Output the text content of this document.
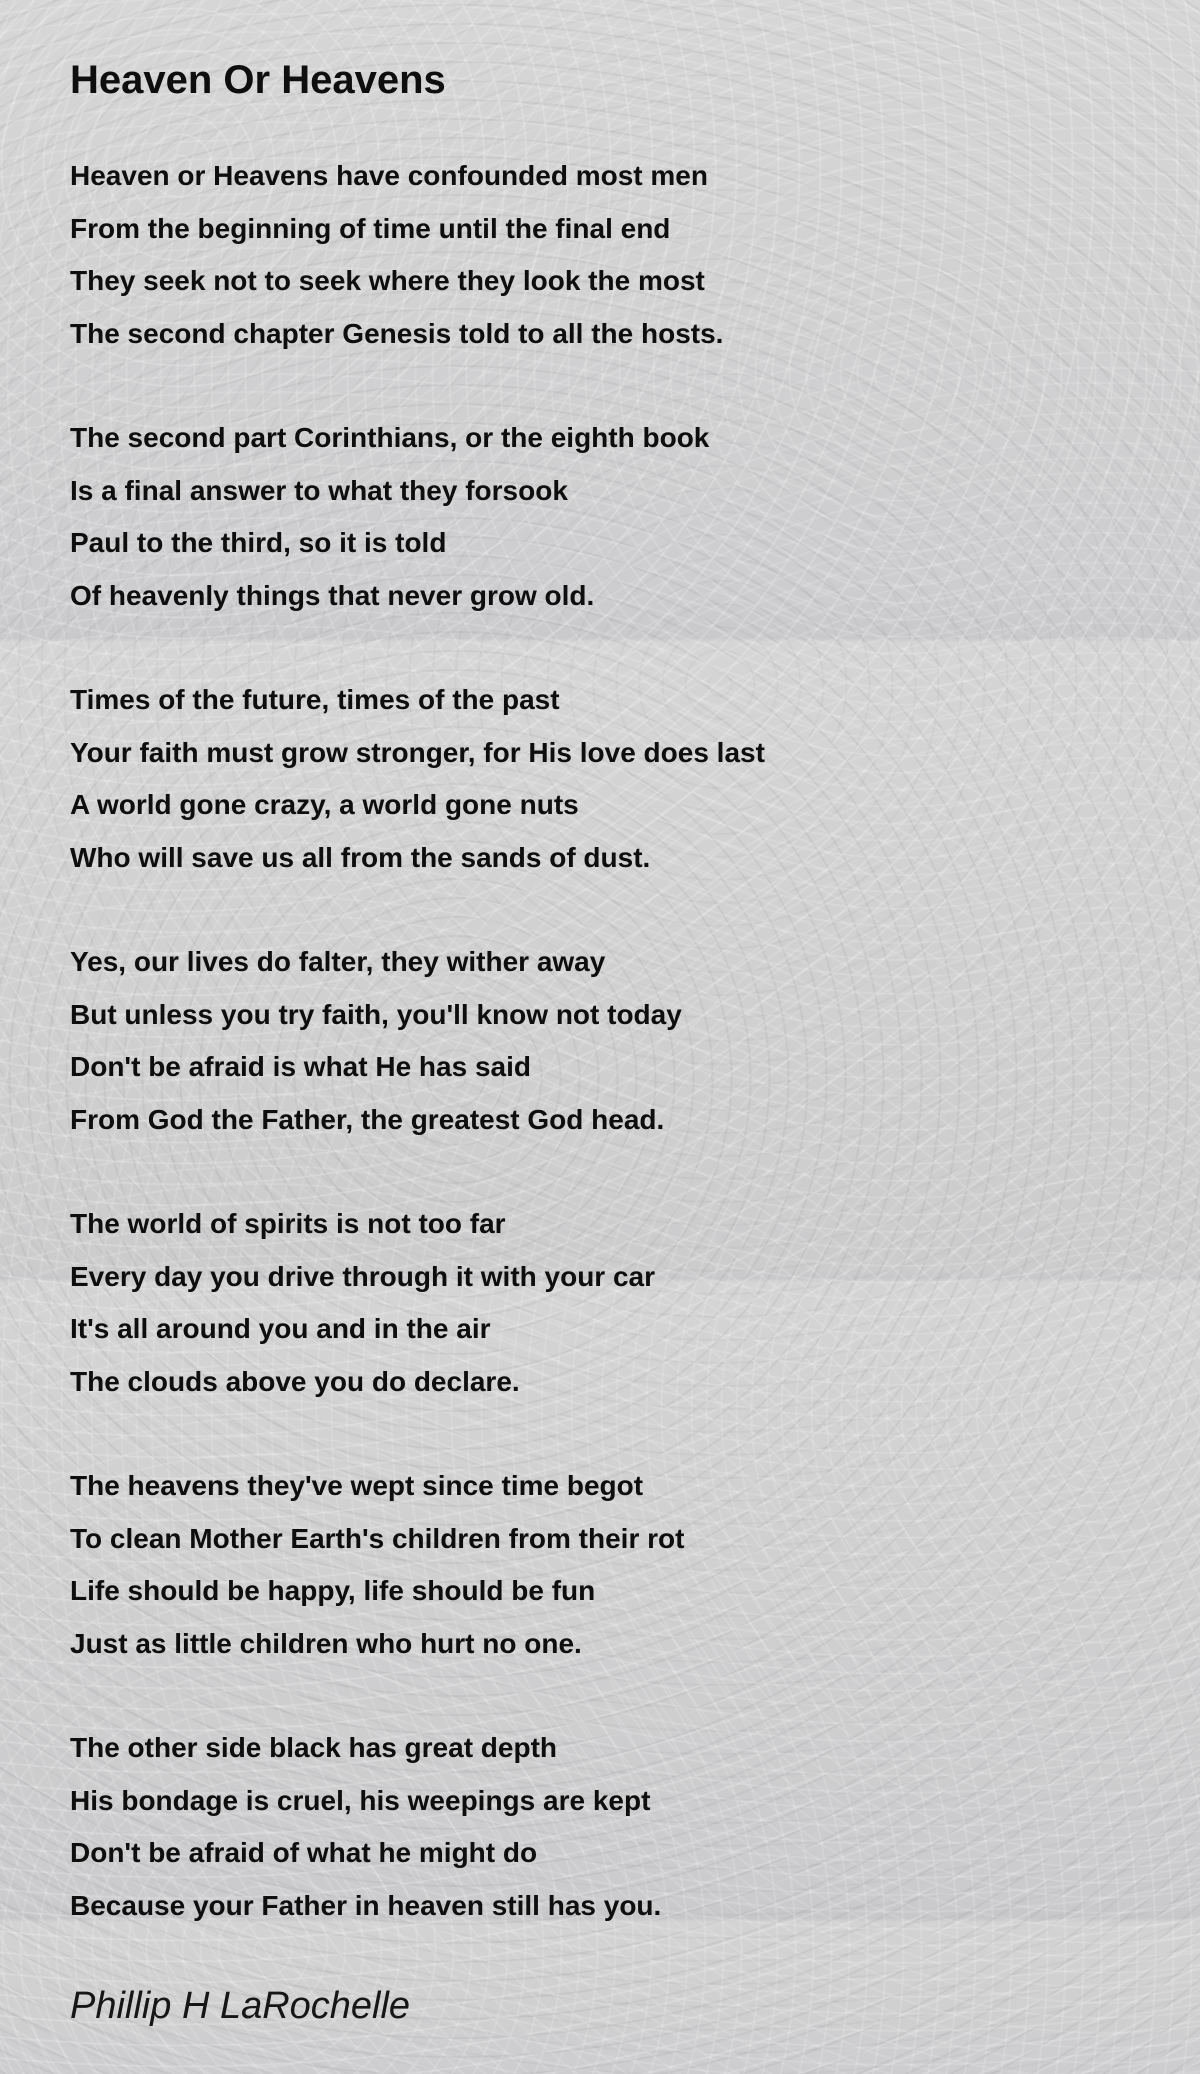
Heaven Or Heavens

Heaven or Heavens have confounded most men

From the beginning of time until the final end

They seek not to seek where they look the most

The second chapter Genesis told to all the hosts.

The second part Corinthians, or the eighth book

Is a final answer to what they forsook

Paul to the third, so it is told

Of heavenly things that never grow old.

Times of the future, times of the past

Your faith must grow stronger, for His love does last

A world gone crazy, a world gone nuts

Who will save us all from the sands of dust.

Yes, our lives do falter, they wither away

But unless you try faith, you'll know not today

Don't be afraid is what He has said

From God the Father, the greatest God head.

The world of spirits is not too far

Every day you drive through it with your car

It's all around you and in the air

The clouds above you do declare.

The heavens they've wept since time begot

To clean Mother Earth's children from their rot

Life should be happy, life should be fun

Just as little children who hurt no one.

The other side black has great depth

His bondage is cruel, his weepings are kept

Don't be afraid of what he might do

Because your Father in heaven still has you.

Phillip H LaRochelle
